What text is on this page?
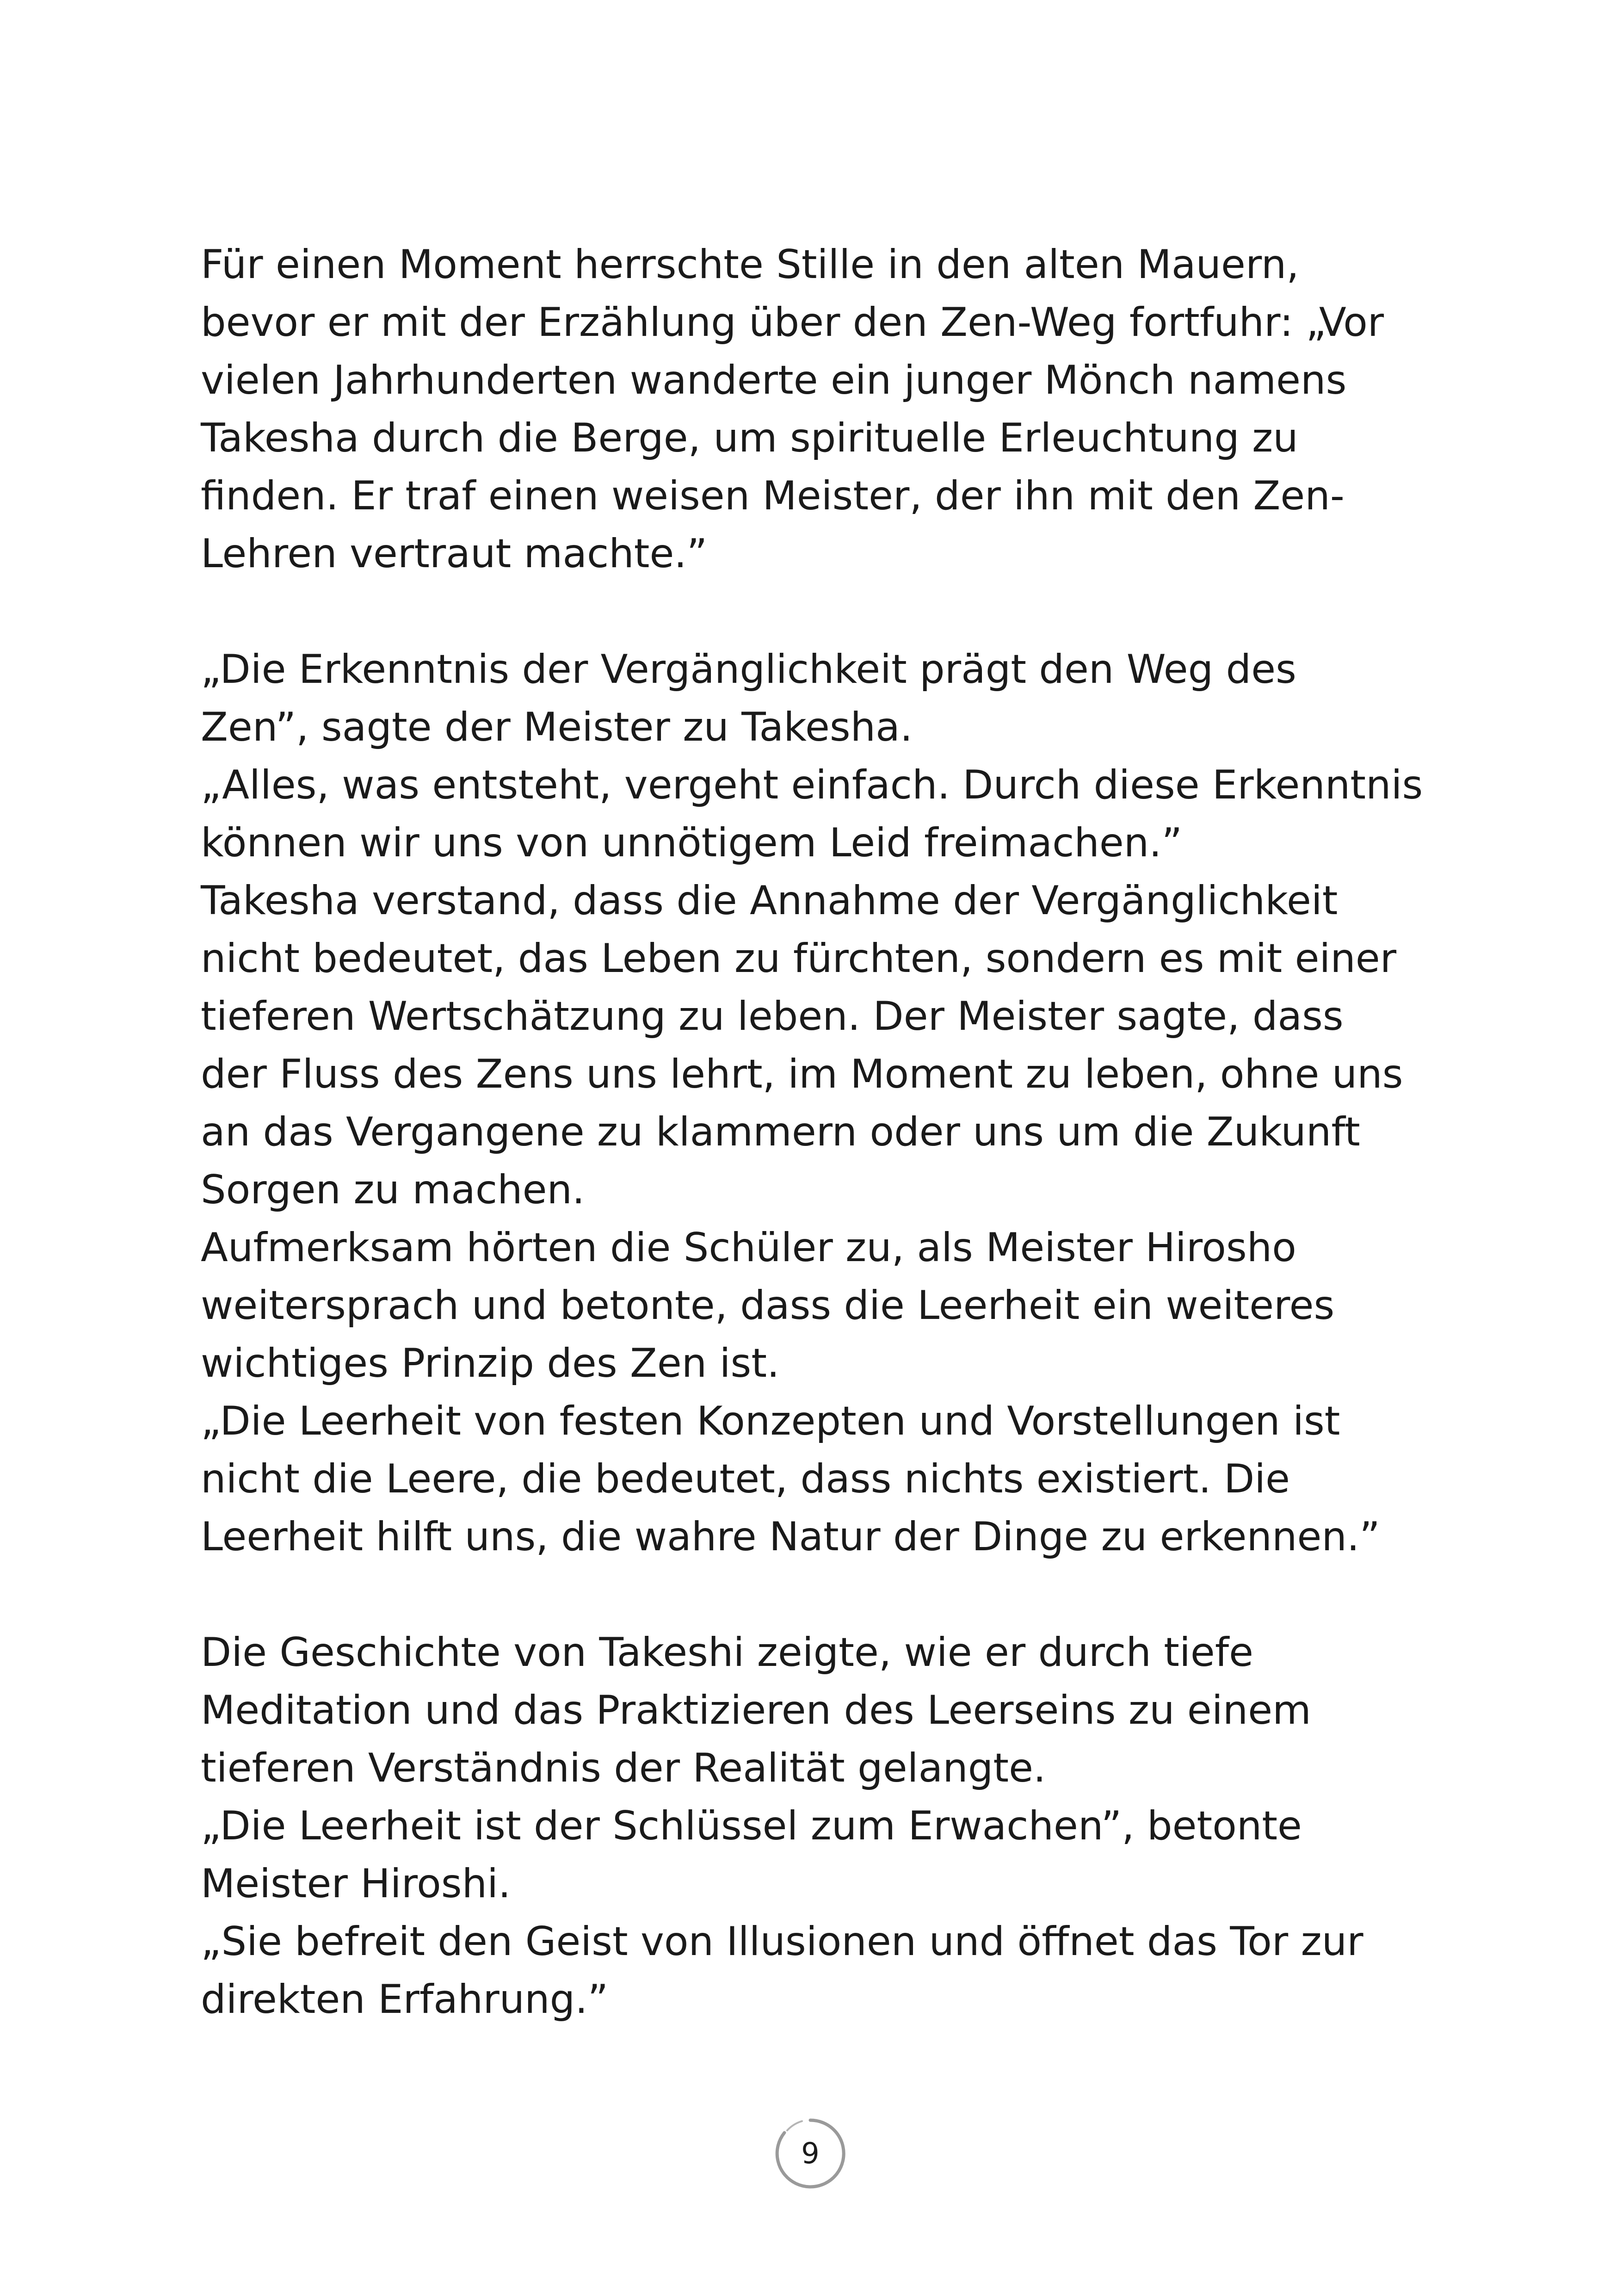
Für einen Moment herrschte Stille in den alten Mauern,
bevor er mit der Erzählung über den Zen-Weg fortfuhr: „Vor
vielen Jahrhunderten wanderte ein junger Mönch namens
Takesha durch die Berge, um spirituelle Erleuchtung zu
finden. Er traf einen weisen Meister, der ihn mit den Zen-
Lehren vertraut machte.”
„Die Erkenntnis der Vergänglichkeit prägt den Weg des
Zen”, sagte der Meister zu Takesha.
„Alles, was entsteht, vergeht einfach. Durch diese Erkenntnis
können wir uns von unnötigem Leid freimachen.”
Takesha verstand, dass die Annahme der Vergänglichkeit
nicht bedeutet, das Leben zu fürchten, sondern es mit einer
tieferen Wertschätzung zu leben. Der Meister sagte, dass
der Fluss des Zens uns lehrt, im Moment zu leben, ohne uns
an das Vergangene zu klammern oder uns um die Zukunft
Sorgen zu machen.
Aufmerksam hörten die Schüler zu, als Meister Hirosho
weitersprach und betonte, dass die Leerheit ein weiteres
wichtiges Prinzip des Zen ist.
„Die Leerheit von festen Konzepten und Vorstellungen ist
nicht die Leere, die bedeutet, dass nichts existiert. Die
Leerheit hilft uns, die wahre Natur der Dinge zu erkennen.”
Die Geschichte von Takeshi zeigte, wie er durch tiefe
Meditation und das Praktizieren des Leerseins zu einem
tieferen Verständnis der Realität gelangte.
„Die Leerheit ist der Schlüssel zum Erwachen”, betonte
Meister Hiroshi.
„Sie befreit den Geist von Illusionen und öffnet das Tor zur
direkten Erfahrung.”
9
